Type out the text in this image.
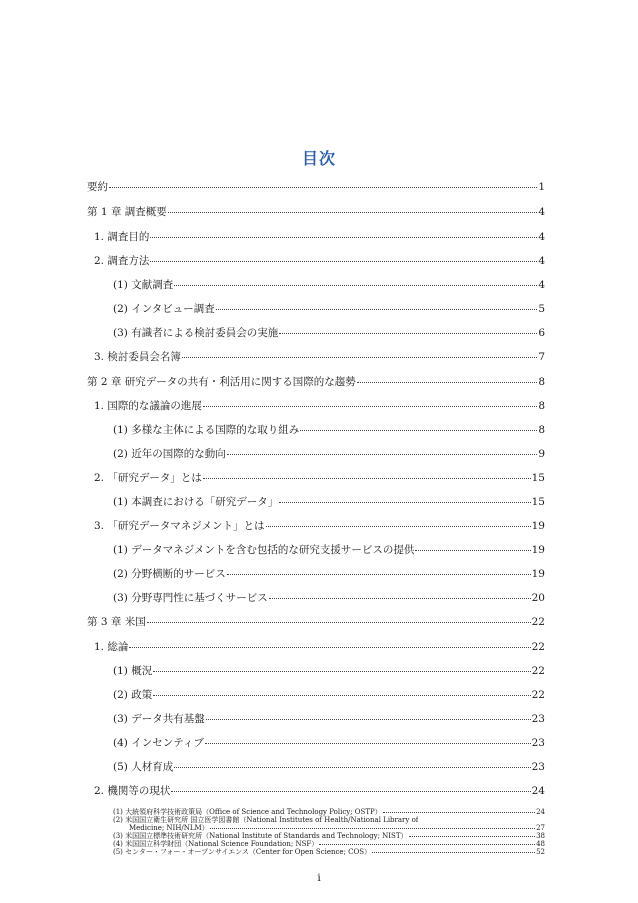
目次
要約	1
第 1 章 調査概要	4
1. 調査目的	4
2. 調査方法	4
(1) 文献調査	4
(2) インタビュー調査	5
(3) 有識者による検討委員会の実施	6
3. 検討委員会名簿	7
第 2 章 研究データの共有・利活用に関する国際的な趨勢	8
1. 国際的な議論の進展	8
(1) 多様な主体による国際的な取り組み	8
(2) 近年の国際的な動向	9
2. 「研究データ」とは	15
(1) 本調査における「研究データ」	15
3. 「研究データマネジメント」とは	19
(1) データマネジメントを含む包括的な研究支援サービスの提供	19
(2) 分野横断的サービス	19
(3) 分野専門性に基づくサービス	20
第 3 章 米国	22
1. 総論	22
(1) 概況	22
(2) 政策	22
(3) データ共有基盤	23
(4) インセンティブ	23
(5) 人材育成	23
2. 機関等の現状	24
i
(1) 大統領府科学技術政策局（Office of Science and Technology Policy; OSTP）	24
(2) 米国国立衛生研究所 国立医学図書館（National Institutes of Health/National Library of
Medicine; NIH/NLM）	27
(3) 米国国立標準技術研究所（National Institute of Standards and Technology; NIST）	38
(4) 米国国立科学財団（National Science Foundation; NSF）	48
(5) センター・フォー・オープンサイエンス（Center for Open Science; COS）	52
